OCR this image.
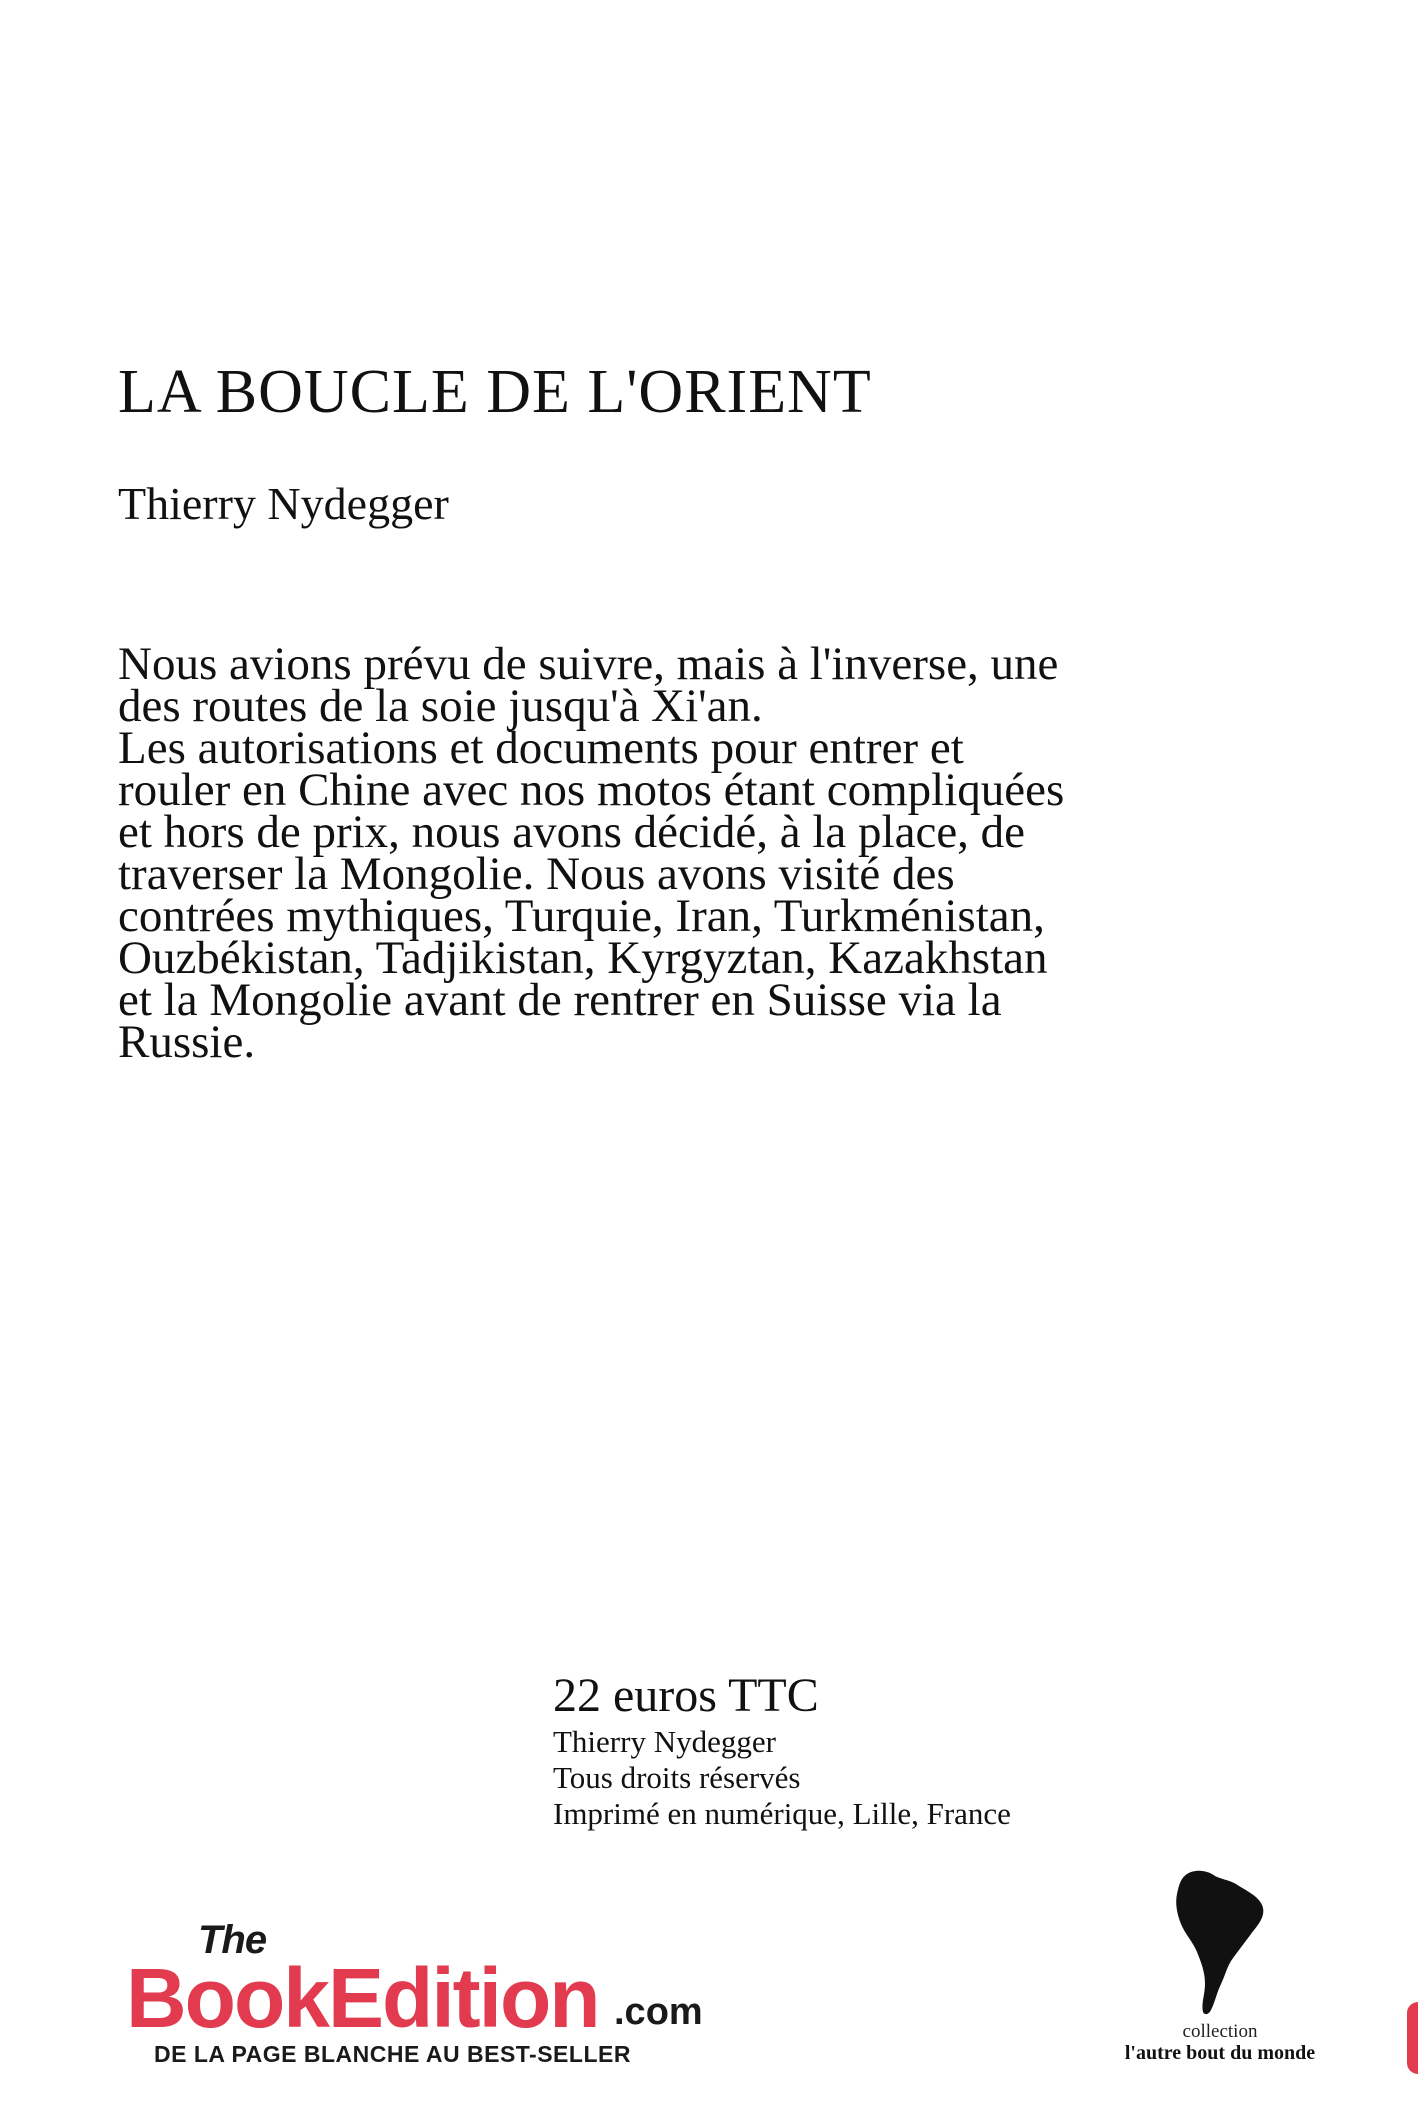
LA BOUCLE DE L'ORIENT
Thierry Nydegger

Nous avions prévu de suivre, mais à l'inverse, une des routes de la soie jusqu'à Xi'an.

Les autorisations et documents pour entrer et rouler en Chine avec nos motos étant compliquées et hors de prix, nous avons décidé, à la place, de traverser la Mongolie. Nous avons visité des contrées mythiques, Turquie, Iran, Turkménistan, Ouzbékistan, Tadjikistan, Kyrgyztan, Kazakhstan et la Mongolie avant de rentrer en Suisse via la Russie.

22 euros TTC
Thierry Nydegger
Tous droits réservés
Imprimé en numérique, Lille, France
The
BookEdition .com
DE LA PAGE BLANCHE AU BEST-SELLER
collection
l'autre bout du monde
